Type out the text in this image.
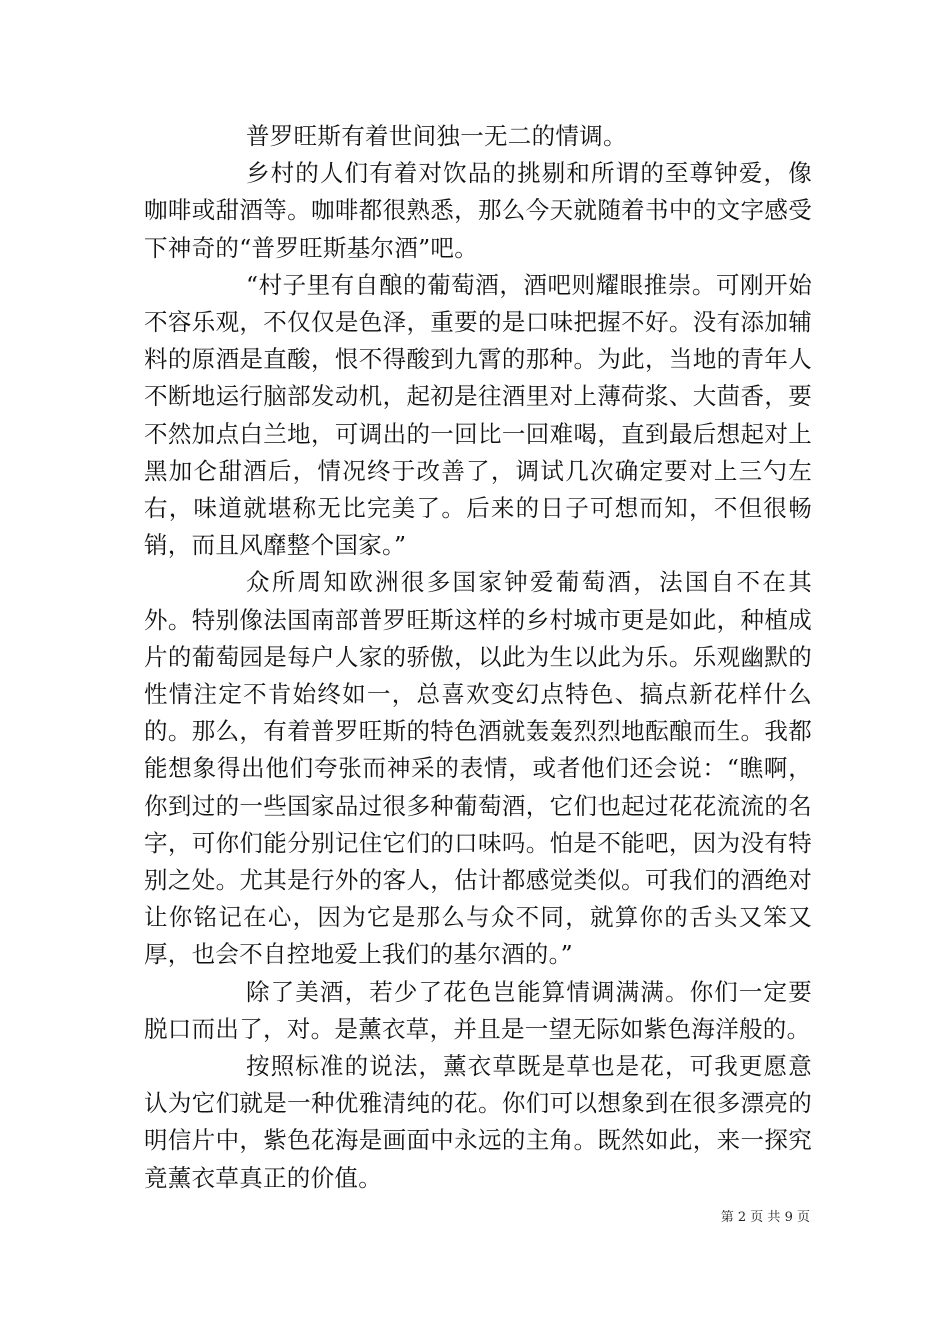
普罗旺斯有着世间独一无二的情调。

乡村的人们有着对饮品的挑剔和所谓的至尊钟爱，像咖啡或甜酒等。咖啡都很熟悉，那么今天就随着书中的文字感受下神奇的“普罗旺斯基尔酒”吧。

“村子里有自酿的葡萄酒，酒吧则耀眼推崇。可刚开始不容乐观，不仅仅是色泽，重要的是口味把握不好。没有添加辅料的原酒是直酸，恨不得酸到九霄的那种。为此，当地的青年人不断地运行脑部发动机，起初是往酒里对上薄荷浆、大茴香，要不然加点白兰地，可调出的一回比一回难喝，直到最后想起对上黑加仑甜酒后，情况终于改善了，调试几次确定要对上三勺左右，味道就堪称无比完美了。后来的日子可想而知，不但很畅销，而且风靡整个国家。”

众所周知欧洲很多国家钟爱葡萄酒，法国自不在其外。特别像法国南部普罗旺斯这样的乡村城市更是如此，种植成片的葡萄园是每户人家的骄傲，以此为生以此为乐。乐观幽默的性情注定不肯始终如一，总喜欢变幻点特色、搞点新花样什么的。那么，有着普罗旺斯的特色酒就轰轰烈烈地酝酿而生。我都能想象得出他们夸张而神采的表情，或者他们还会说：“瞧啊，你到过的一些国家品过很多种葡萄酒，它们也起过花花流流的名字，可你们能分别记住它们的口味吗。怕是不能吧，因为没有特别之处。尤其是行外的客人，估计都感觉类似。可我们的酒绝对让你铭记在心，因为它是那么与众不同，就算你的舌头又笨又厚，也会不自控地爱上我们的基尔酒的。”

除了美酒，若少了花色岂能算情调满满。你们一定要脱口而出了，对。是薰衣草，并且是一望无际如紫色海洋般的。

按照标准的说法，薰衣草既是草也是花，可我更愿意认为它们就是一种优雅清纯的花。你们可以想象到在很多漂亮的明信片中，紫色花海是画面中永远的主角。既然如此，来一探究竟薰衣草真正的价值。

第 2 页 共 9 页
